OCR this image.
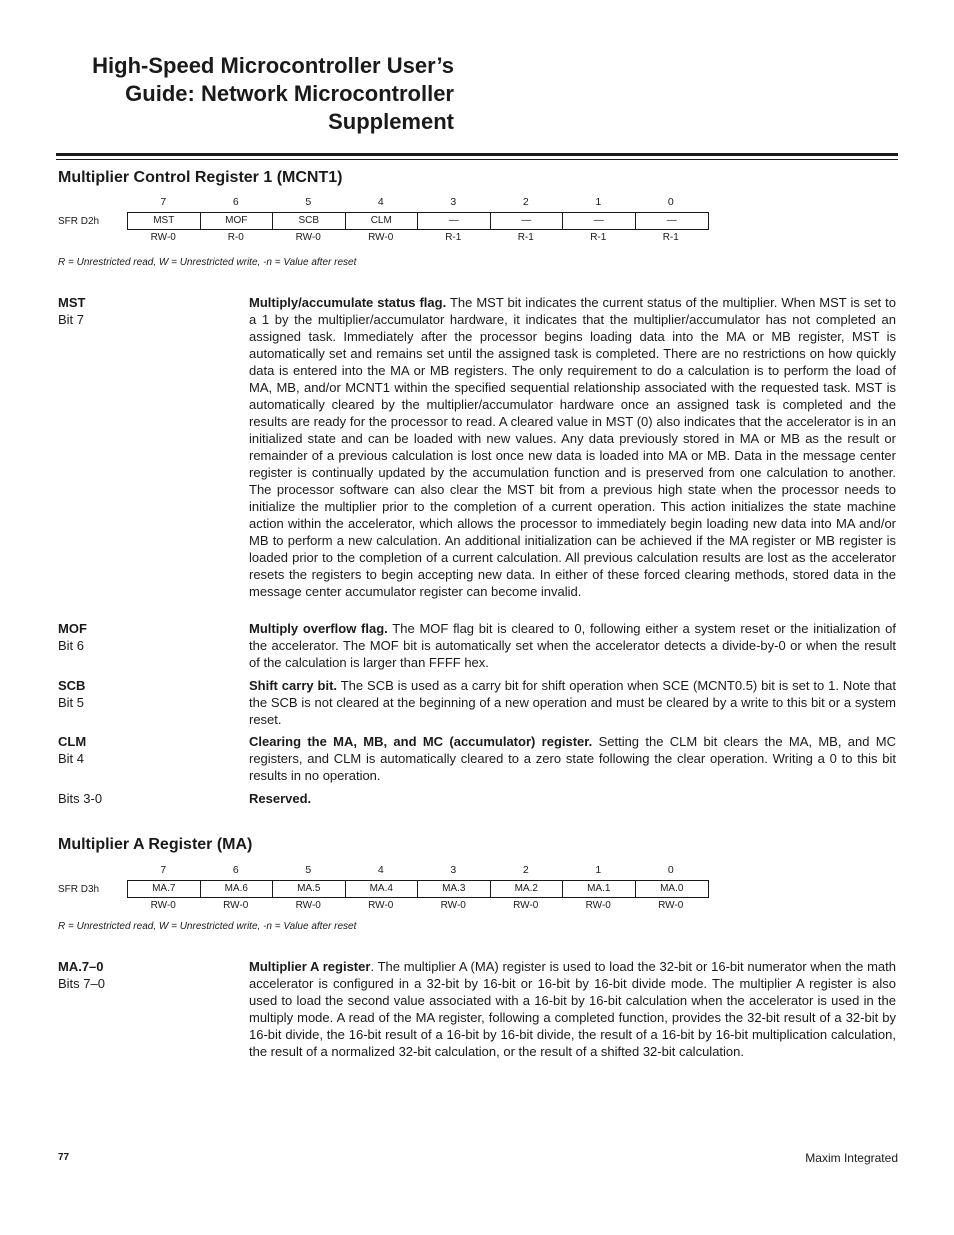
High-Speed Microcontroller User’s
Guide: Network Microcontroller
Supplement
Multiplier Control Register 1 (MCNT1)
7	6	5	4	3	2	1	0
SFR D2h	MST	MOF	SCB	CLM	—	—	—	—
RW-0	R-0	RW-0	RW-0	R-1	R-1	R-1	R-1
R = Unrestricted read, W = Unrestricted write, -n = Value after reset
MST
Bit 7
Multiply/accumulate status flag. The MST bit indicates the current status of the multiplier. When MST is set to a 1 by the multiplier/accumulator hardware, it indicates that the multiplier/accumulator has not completed an assigned task. Immediately after the processor begins loading data into the MA or MB register, MST is automatically set and remains set until the assigned task is completed. There are no restrictions on how quickly data is entered into the MA or MB registers. The only requirement to do a calculation is to perform the load of MA, MB, and/or MCNT1 within the specified sequential relationship associated with the requested task. MST is automatically cleared by the multiplier/accumulator hardware once an assigned task is completed and the results are ready for the processor to read. A cleared value in MST (0) also indicates that the accelerator is in an initialized state and can be loaded with new values. Any data previously stored in MA or MB as the result or remainder of a previous calculation is lost once new data is loaded into MA or MB. Data in the message center register is continually updated by the accumulation function and is preserved from one calculation to another. The processor software can also clear the MST bit from a previous high state when the processor needs to initialize the multiplier prior to the completion of a current operation. This action initializes the state machine action within the accelerator, which allows the processor to immediately begin loading new data into MA and/or MB to perform a new calculation. An additional initialization can be achieved if the MA register or MB register is loaded prior to the completion of a current calculation. All previous calculation results are lost as the accelerator resets the registers to begin accepting new data. In either of these forced clearing methods, stored data in the message center accumulator register can become invalid.
MOF
Bit 6
Multiply overflow flag. The MOF flag bit is cleared to 0, following either a system reset or the initialization of the accelerator. The MOF bit is automatically set when the accelerator detects a divide-by-0 or when the result of the calculation is larger than FFFF hex.
SCB
Bit 5
Shift carry bit. The SCB is used as a carry bit for shift operation when SCE (MCNT0.5) bit is set to 1. Note that the SCB is not cleared at the beginning of a new operation and must be cleared by a write to this bit or a system reset.
CLM
Bit 4
Clearing the MA, MB, and MC (accumulator) register. Setting the CLM bit clears the MA, MB, and MC registers, and CLM is automatically cleared to a zero state following the clear operation. Writing a 0 to this bit results in no operation.
Bits 3-0	Reserved.
Multiplier A Register (MA)
7	6	5	4	3	2	1	0
SFR D3h	MA.7	MA.6	MA.5	MA.4	MA.3	MA.2	MA.1	MA.0
RW-0	RW-0	RW-0	RW-0	RW-0	RW-0	RW-0	RW-0
R = Unrestricted read, W = Unrestricted write, -n = Value after reset
MA.7–0
Bits 7–0
Multiplier A register. The multiplier A (MA) register is used to load the 32-bit or 16-bit numerator when the math accelerator is configured in a 32-bit by 16-bit or 16-bit by 16-bit divide mode. The multiplier A register is also used to load the second value associated with a 16-bit by 16-bit calculation when the accelerator is used in the multiply mode. A read of the MA register, following a completed function, provides the 32-bit result of a 32-bit by 16-bit divide, the 16-bit result of a 16-bit by 16-bit divide, the result of a 16-bit by 16-bit multiplication calculation, the result of a normalized 32-bit calculation, or the result of a shifted 32-bit calculation.
77	Maxim Integrated
